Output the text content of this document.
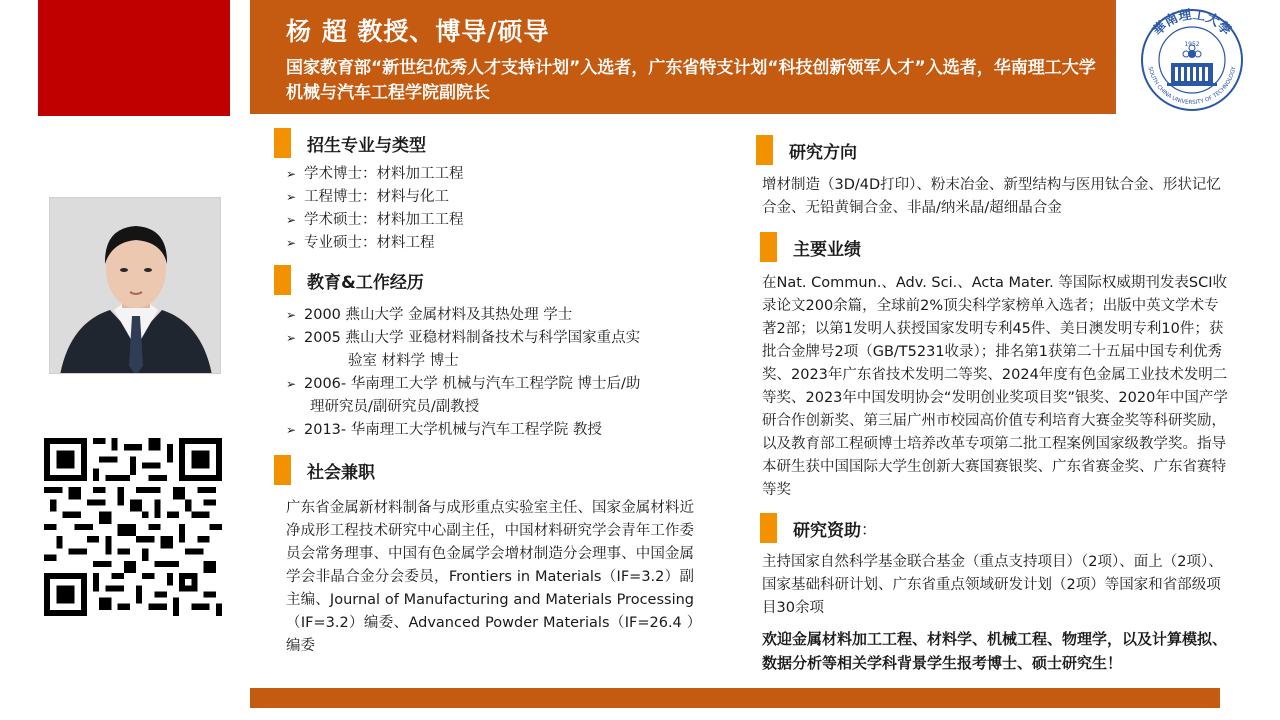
杨 超 教授、博导/硕导
国家教育部“新世纪优秀人才支持计划”入选者，广东省特支计划“科技创新领军人才”入选者，华南理工大学机械与汽车工程学院副院长
華南理工大學
SOUTH CHINA UNIVERSITY OF TECHNOLOGY
1952
招生专业与类型
➢ 学术博士：材料加工工程
➢ 工程博士：材料与化工
➢ 学术硕士：材料加工工程
➢ 专业硕士：材料工程
教育&工作经历
➢ 2000 燕山大学 金属材料及其热处理 学士
➢ 2005 燕山大学 亚稳材料制备技术与科学国家重点实
验室 材料学 博士
➢ 2006- 华南理工大学 机械与汽车工程学院 博士后/助
理研究员/副研究员/副教授
➢ 2013- 华南理工大学机械与汽车工程学院 教授
社会兼职
广东省金属新材料制备与成形重点实验室主任、国家金属材料近净成形工程技术研究中心副主任，中国材料研究学会青年工作委员会常务理事、中国有色金属学会增材制造分会理事、中国金属学会非晶合金分会委员，Frontiers in Materials（IF=3.2）副主编、Journal of Manufacturing and Materials Processing（IF=3.2）编委、Advanced Powder Materials（IF=26.4 ）编委
研究方向
增材制造（3D/4D打印）、粉末冶金、新型结构与医用钛合金、形状记忆合金、无铅黄铜合金、非晶/纳米晶/超细晶合金
主要业绩
在Nat. Commun.、Adv. Sci.、Acta Mater. 等国际权威期刊发表SCI收录论文200余篇，全球前2%顶尖科学家榜单入选者；出版中英文学术专著2部；以第1发明人获授国家发明专利45件、美日澳发明专利10件；获批合金牌号2项（GB/T5231收录）；排名第1获第二十五届中国专利优秀奖、2023年广东省技术发明二等奖、2024年度有色金属工业技术发明二等奖、2023年中国发明协会“发明创业奖项目奖”银奖、2020年中国产学研合作创新奖、第三届广州市校园高价值专利培育大赛金奖等科研奖励，以及教育部工程硕博士培养改革专项第二批工程案例国家级教学奖。指导本研生获中国国际大学生创新大赛国赛银奖、广东省赛金奖、广东省赛特等奖
研究资助 ：
主持国家自然科学基金联合基金（重点支持项目）（2项）、面上（2项）、国家基础科研计划、广东省重点领域研发计划（2项）等国家和省部级项目30余项
欢迎金属材料加工工程、材料学、机械工程、物理学，以及计算模拟、数据分析等相关学科背景学生报考博士、硕士研究生！
